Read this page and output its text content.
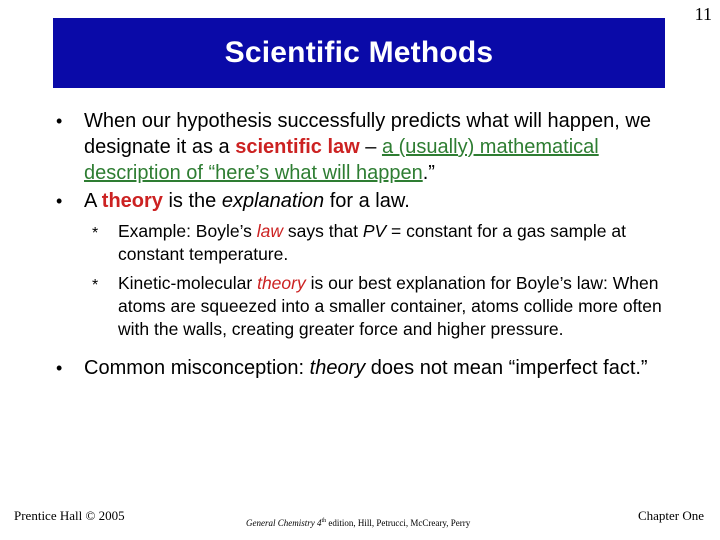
11
Scientific Methods
• When our hypothesis successfully predicts what will happen, we designate it as a scientific law – a (usually) mathematical description of “here’s what will happen.”
• A theory is the explanation for a law.
* Example: Boyle’s law says that PV = constant for a gas sample at constant temperature.
* Kinetic-molecular theory is our best explanation for Boyle’s law: When atoms are squeezed into a smaller container, atoms collide more often with the walls, creating greater force and higher pressure.
• Common misconception: theory does not mean “imperfect fact.”
Prentice Hall © 2005	General Chemistry 4th edition, Hill, Petrucci, McCreary, Perry	Chapter One
